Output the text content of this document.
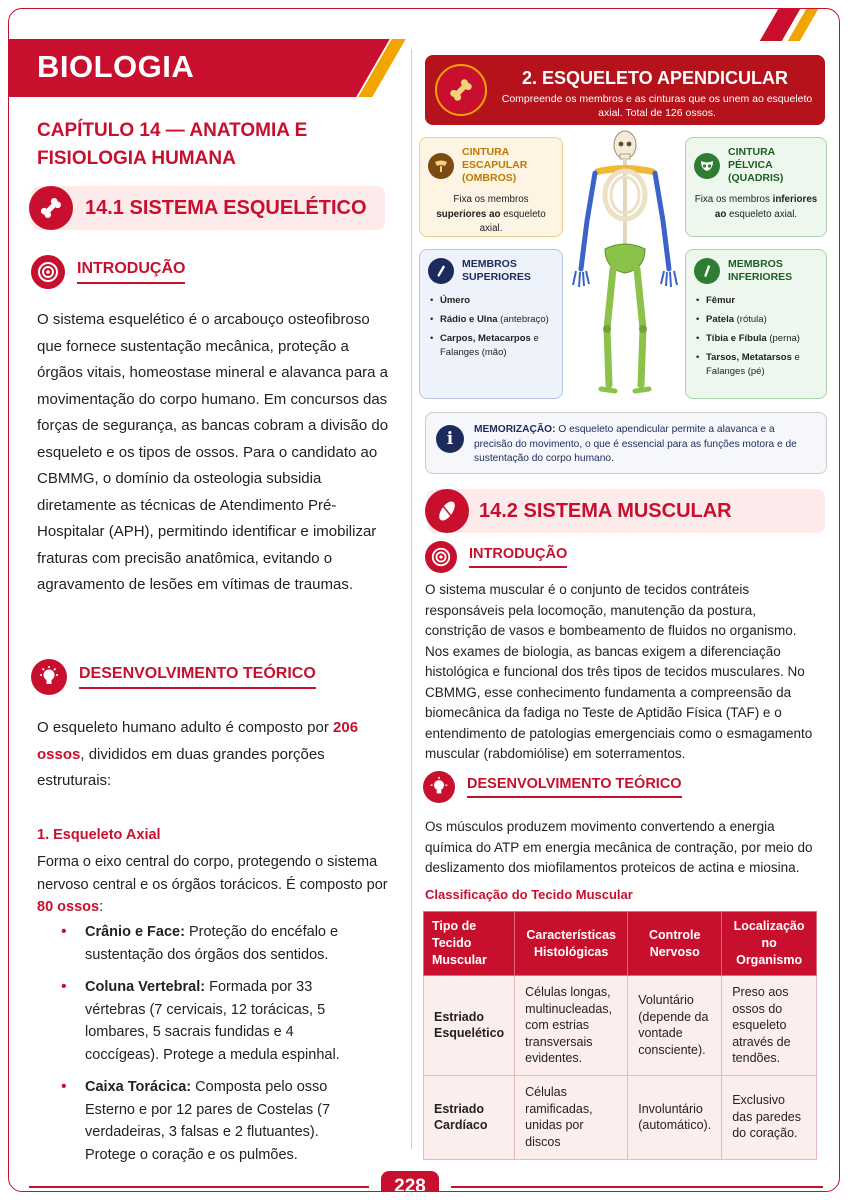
BIOLOGIA
CAPÍTULO 14 — ANATOMIA E FISIOLOGIA HUMANA
14.1 SISTEMA ESQUELÉTICO
INTRODUÇÃO
O sistema esquelético é o arcabouço osteofibroso que fornece sustentação mecânica, proteção a órgãos vitais, homeostase mineral e alavanca para a movimentação do corpo humano. Em concursos das forças de segurança, as bancas cobram a divisão do esqueleto e os tipos de ossos. Para o candidato ao CBMMG, o domínio da osteologia subsidia diretamente as técnicas de Atendimento Pré-Hospitalar (APH), permitindo identificar e imobilizar fraturas com precisão anatômica, evitando o agravamento de lesões em vítimas de traumas.
DESENVOLVIMENTO TEÓRICO
O esqueleto humano adulto é composto por 206 ossos, divididos em duas grandes porções estruturais:
1. Esqueleto Axial
Forma o eixo central do corpo, protegendo o sistema nervoso central e os órgãos torácicos. É composto por 80 ossos:
• Crânio e Face: Proteção do encéfalo e sustentação dos órgãos dos sentidos.
• Coluna Vertebral: Formada por 33 vértebras (7 cervicais, 12 torácicas, 5 lombares, 5 sacrais fundidas e 4 coccígeas). Protege a medula espinhal.
• Caixa Torácica: Composta pelo osso Esterno e por 12 pares de Costelas (7 verdadeiras, 3 falsas e 2 flutuantes). Protege o coração e os pulmões.
2. ESQUELETO APENDICULAR
Compreende os membros e as cinturas que os unem ao esqueleto axial. Total de 126 ossos.
CINTURA ESCAPULAR (OMBROS)
Fixa os membros superiores ao esqueleto axial.
CINTURA PÉLVICA (QUADRIS)
Fixa os membros inferiores ao esqueleto axial.
MEMBROS SUPERIORES
• Úmero
• Rádio e Ulna (antebraço)
• Carpos, Metacarpos e Falanges (mão)
MEMBROS INFERIORES
• Fêmur
• Patela (rótula)
• Tíbia e Fíbula (perna)
• Tarsos, Metatarsos e Falanges (pé)
i	MEMORIZAÇÃO: O esqueleto apendicular permite a alavanca e a precisão do movimento, o que é essencial para as funções motora e de sustentação do corpo humano.
14.2 SISTEMA MUSCULAR
INTRODUÇÃO
O sistema muscular é o conjunto de tecidos contráteis responsáveis pela locomoção, manutenção da postura, constrição de vasos e bombeamento de fluidos no organismo. Nos exames de biologia, as bancas exigem a diferenciação histológica e funcional dos três tipos de tecidos musculares. No CBMMG, esse conhecimento fundamenta a compreensão da biomecânica da fadiga no Teste de Aptidão Física (TAF) e o entendimento de patologias emergenciais como o esmagamento muscular (rabdomiólise) em soterramentos.
DESENVOLVIMENTO TEÓRICO
Os músculos produzem movimento convertendo a energia química do ATP em energia mecânica de contração, por meio do deslizamento dos miofilamentos proteicos de actina e miosina.
Classificação do Tecido Muscular
Tipo de Tecido Muscular	Características Histológicas	Controle Nervoso	Localização no Organismo
Estriado Esquelético	Células longas, multinucleadas, com estrias transversais evidentes.	Voluntário (depende da vontade consciente).	Preso aos ossos do esqueleto através de tendões.
Estriado Cardíaco	Células ramificadas, unidas por discos	Involuntário (automático).	Exclusivo das paredes do coração.
228
